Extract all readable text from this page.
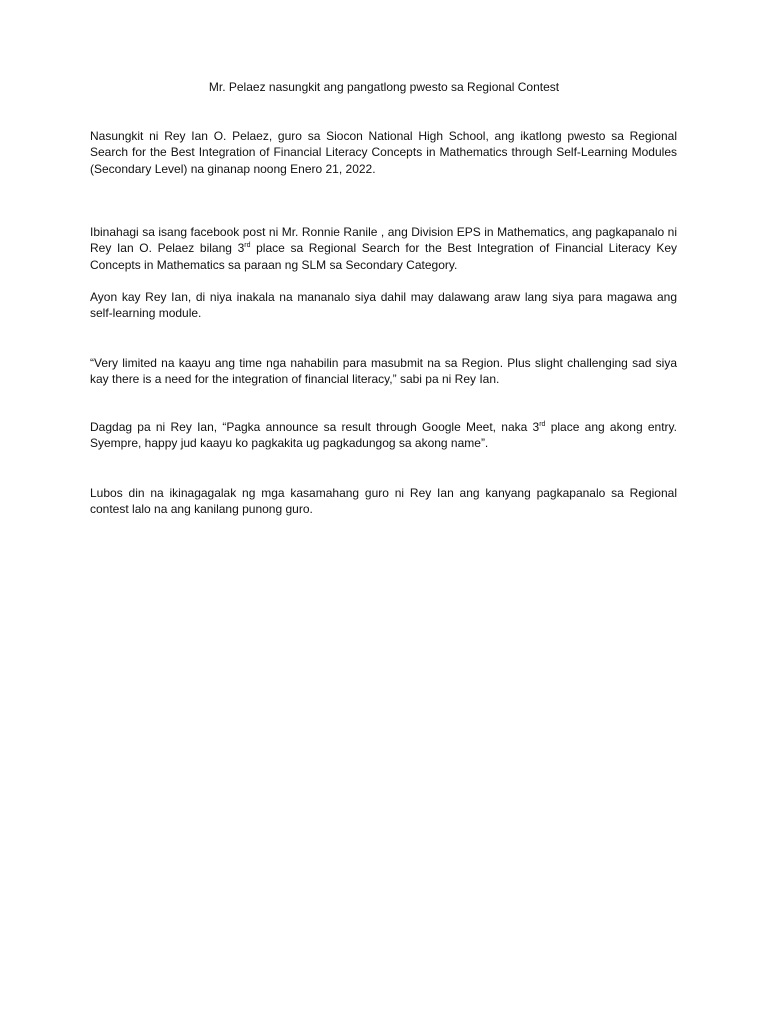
Mr. Pelaez nasungkit ang pangatlong pwesto sa Regional Contest

Nasungkit ni Rey Ian O. Pelaez, guro sa Siocon National High School, ang ikatlong pwesto sa Regional Search for the Best Integration of Financial Literacy Concepts in Mathematics through Self-Learning Modules (Secondary Level) na ginanap noong Enero 21, 2022.

Ibinahagi sa isang facebook post ni Mr. Ronnie Ranile , ang Division EPS in Mathematics, ang pagkapanalo ni Rey Ian O. Pelaez bilang 3rd place sa Regional Search for the Best Integration of Financial Literacy Key Concepts in Mathematics sa paraan ng SLM sa Secondary Category.

Ayon kay Rey Ian, di niya inakala na mananalo siya dahil may dalawang araw lang siya para magawa ang self-learning module.

“Very limited na kaayu ang time nga nahabilin para masubmit na sa Region. Plus slight challenging sad siya kay there is a need for the integration of financial literacy,” sabi pa ni Rey Ian.

Dagdag pa ni Rey Ian, “Pagka announce sa result through Google Meet, naka 3rd place ang akong entry. Syempre, happy jud kaayu ko pagkakita ug pagkadungog sa akong name”.

Lubos din na ikinagagalak ng mga kasamahang guro ni Rey Ian ang kanyang pagkapanalo sa Regional contest lalo na ang kanilang punong guro.
